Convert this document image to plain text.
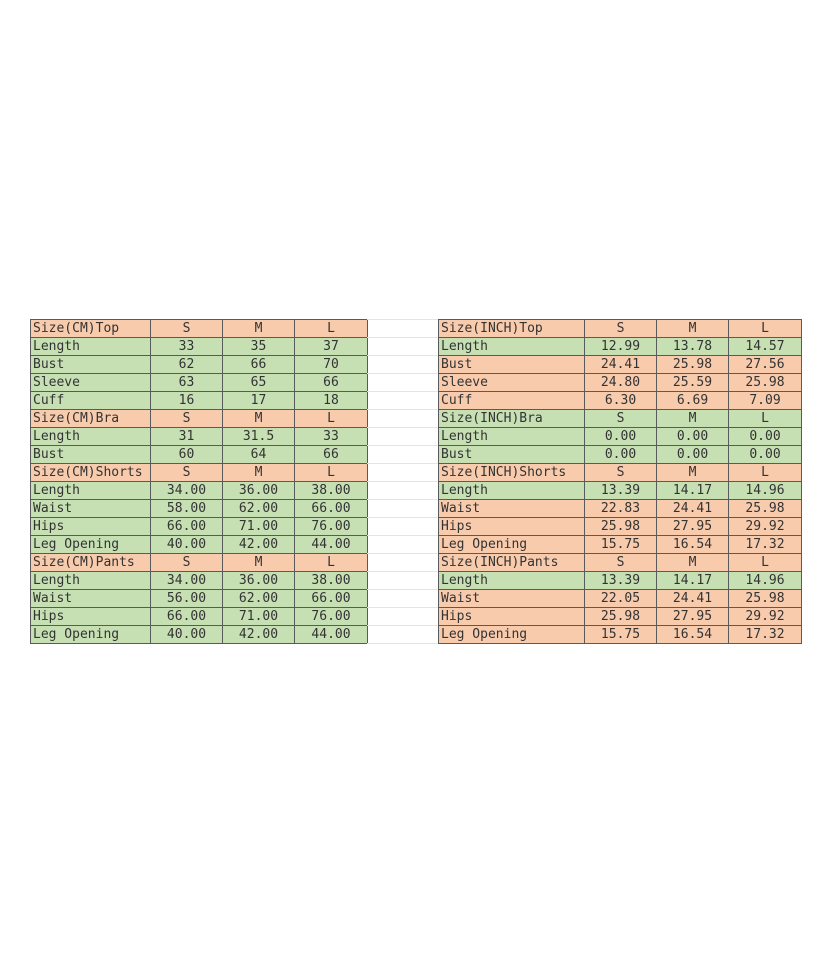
Size(CM)Top	S	M	L
Length	33	35	37
Bust	62	66	70
Sleeve	63	65	66
Cuff	16	17	18
Size(CM)Bra	S	M	L
Length	31	31.5	33
Bust	60	64	66
Size(CM)Shorts	S	M	L
Length	34.00	36.00	38.00
Waist	58.00	62.00	66.00
Hips	66.00	71.00	76.00
Leg Opening	40.00	42.00	44.00
Size(CM)Pants	S	M	L
Length	34.00	36.00	38.00
Waist	56.00	62.00	66.00
Hips	66.00	71.00	76.00
Leg Opening	40.00	42.00	44.00

Size(INCH)Top	S	M	L
Length	12.99	13.78	14.57
Bust	24.41	25.98	27.56
Sleeve	24.80	25.59	25.98
Cuff	6.30	6.69	7.09
Size(INCH)Bra	S	M	L
Length	0.00	0.00	0.00
Bust	0.00	0.00	0.00
Size(INCH)Shorts	S	M	L
Length	13.39	14.17	14.96
Waist	22.83	24.41	25.98
Hips	25.98	27.95	29.92
Leg Opening	15.75	16.54	17.32
Size(INCH)Pants	S	M	L
Length	13.39	14.17	14.96
Waist	22.05	24.41	25.98
Hips	25.98	27.95	29.92
Leg Opening	15.75	16.54	17.32
